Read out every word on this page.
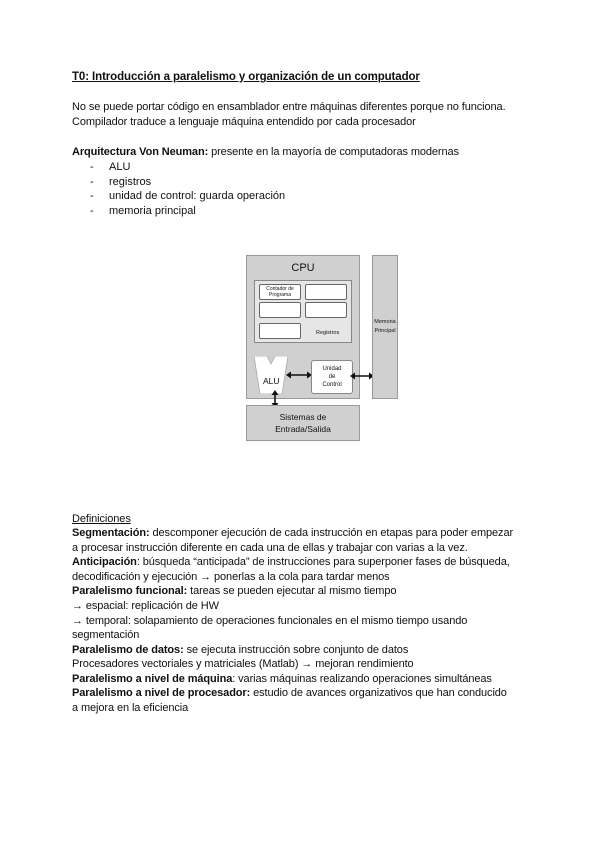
T0: Introducción a paralelismo y organización de un computador
No se puede portar código en ensamblador entre máquinas diferentes porque no funciona.
Compilador traduce a lenguaje máquina entendido por cada procesador
Arquitectura Von Neuman: presente en la mayoría de computadoras modernas
- ALU
- registros
- unidad de control: guarda operación
- memoria principal
CPU
Contador de
Programa
Registros
ALU
Unidad
de
Control
Memoria
Principal
Sistemas de
Entrada/Salida
Definiciones
Segmentación: descomponer ejecución de cada instrucción en etapas para poder empezar
a procesar instrucción diferente en cada una de ellas y trabajar con varias a la vez.
Anticipación: búsqueda “anticipada” de instrucciones para superponer fases de búsqueda,
decodificación y ejecución → ponerlas a la cola para tardar menos
Paralelismo funcional: tareas se pueden ejecutar al mismo tiempo
→ espacial: replicación de HW
→ temporal: solapamiento de operaciones funcionales en el mismo tiempo usando
segmentación
Paralelismo de datos: se ejecuta instrucción sobre conjunto de datos
Procesadores vectoriales y matriciales (Matlab) → mejoran rendimiento
Paralelismo a nivel de máquina: varias máquinas realizando operaciones simultáneas
Paralelismo a nivel de procesador: estudio de avances organizativos que han conducido
a mejora en la eficiencia
